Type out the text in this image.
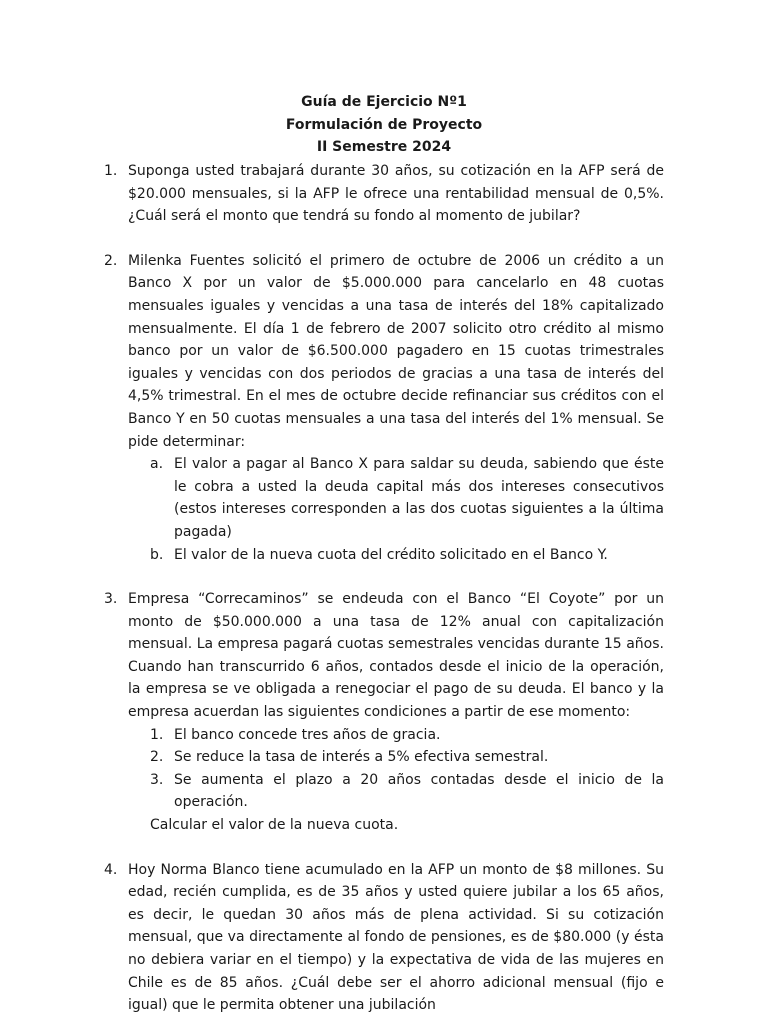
Guía de Ejercicio Nº1
Formulación de Proyecto
II Semestre 2024
1. Suponga usted trabajará durante 30 años, su cotización en la AFP será de $20.000 mensuales, si la AFP le ofrece una rentabilidad mensual de 0,5%. ¿Cuál será el monto que tendrá su fondo al momento de jubilar?
2. Milenka Fuentes solicitó el primero de octubre de 2006 un crédito a un Banco X por un valor de $5.000.000 para cancelarlo en 48 cuotas mensuales iguales y vencidas a una tasa de interés del 18% capitalizado mensualmente. El día 1 de febrero de 2007 solicito otro crédito al mismo banco por un valor de $6.500.000 pagadero en 15 cuotas trimestrales iguales y vencidas con dos periodos de gracias a una tasa de interés del 4,5% trimestral. En el mes de octubre decide refinanciar sus créditos con el Banco Y en 50 cuotas mensuales a una tasa del interés del 1% mensual. Se pide determinar:
a. El valor a pagar al Banco X para saldar su deuda, sabiendo que éste le cobra a usted la deuda capital más dos intereses consecutivos (estos intereses corresponden a las dos cuotas siguientes a la última pagada)
b. El valor de la nueva cuota del crédito solicitado en el Banco Y.
3. Empresa “Correcaminos” se endeuda con el Banco “El Coyote” por un monto de $50.000.000 a una tasa de 12% anual con capitalización mensual. La empresa pagará cuotas semestrales vencidas durante 15 años. Cuando han transcurrido 6 años, contados desde el inicio de la operación, la empresa se ve obligada a renegociar el pago de su deuda. El banco y la empresa acuerdan las siguientes condiciones a partir de ese momento:
1. El banco concede tres años de gracia.
2. Se reduce la tasa de interés a 5% efectiva semestral.
3. Se aumenta el plazo a 20 años contadas desde el inicio de la operación.
Calcular el valor de la nueva cuota.
4. Hoy Norma Blanco tiene acumulado en la AFP un monto de $8 millones. Su edad, recién cumplida, es de 35 años y usted quiere jubilar a los 65 años, es decir, le quedan 30 años más de plena actividad. Si su cotización mensual, que va directamente al fondo de pensiones, es de $80.000 (y ésta no debiera variar en el tiempo) y la expectativa de vida de las mujeres en Chile es de 85 años. ¿Cuál debe ser el ahorro adicional mensual (fijo e igual) que le permita obtener una jubilación
